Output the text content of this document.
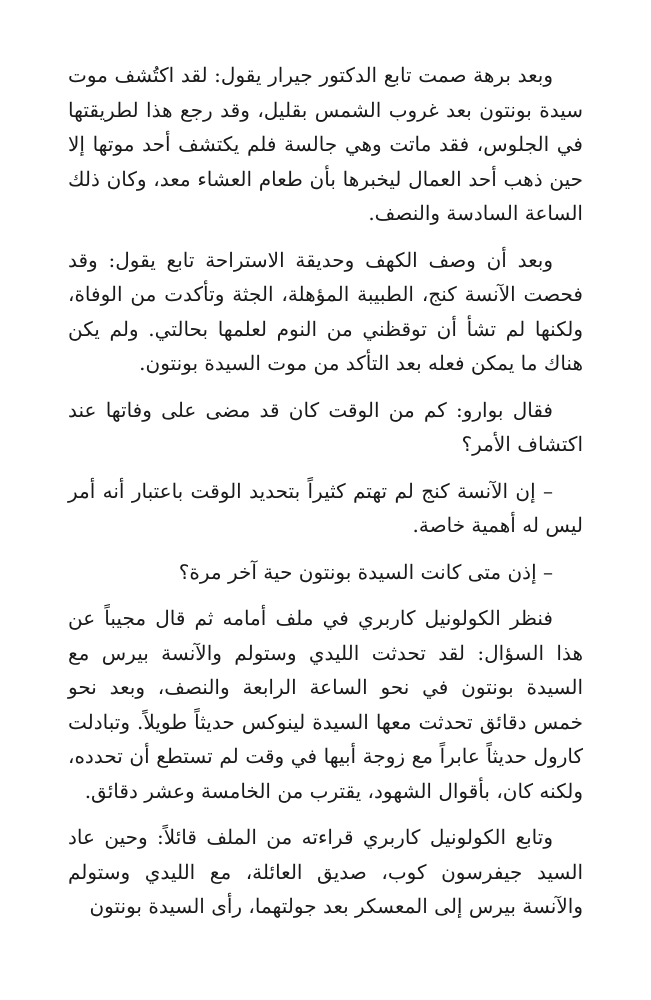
وبعد برهة صمت تابع الدكتور جيرار يقول: لقد اكتُشف موت سيدة بونتون بعد غروب الشمس بقليل، وقد رجع هذا لطريقتها في الجلوس، فقد ماتت وهي جالسة فلم يكتشف أحد موتها إلا حين ذهب أحد العمال ليخبرها بأن طعام العشاء معد، وكان ذلك الساعة السادسة والنصف.

وبعد أن وصف الكهف وحديقة الاستراحة تابع يقول: وقد فحصت الآنسة كنج، الطبيبة المؤهلة، الجثة وتأكدت من الوفاة، ولكنها لم تشأ أن توقظني من النوم لعلمها بحالتي. ولم يكن هناك ما يمكن فعله بعد التأكد من موت السيدة بونتون.

فقال بوارو: كم من الوقت كان قد مضى على وفاتها عند اكتشاف الأمر؟

– إن الآنسة كنج لم تهتم كثيراً بتحديد الوقت باعتبار أنه أمر ليس له أهمية خاصة.

– إذن متى كانت السيدة بونتون حية آخر مرة؟

فنظر الكولونيل كاربري في ملف أمامه ثم قال مجيباً عن هذا السؤال: لقد تحدثت الليدي وستولم والآنسة بيرس مع السيدة بونتون في نحو الساعة الرابعة والنصف، وبعد نحو خمس دقائق تحدثت معها السيدة لينوكس حديثاً طويلاً. وتبادلت كارول حديثاً عابراً مع زوجة أبيها في وقت لم تستطع أن تحدده، ولكنه كان، بأقوال الشهود، يقترب من الخامسة وعشر دقائق.

وتابع الكولونيل كاربري قراءته من الملف قائلاً: وحين عاد السيد جيفرسون كوب، صديق العائلة، مع الليدي وستولم والآنسة بيرس إلى المعسكر بعد جولتهما، رأى السيدة بونتون
